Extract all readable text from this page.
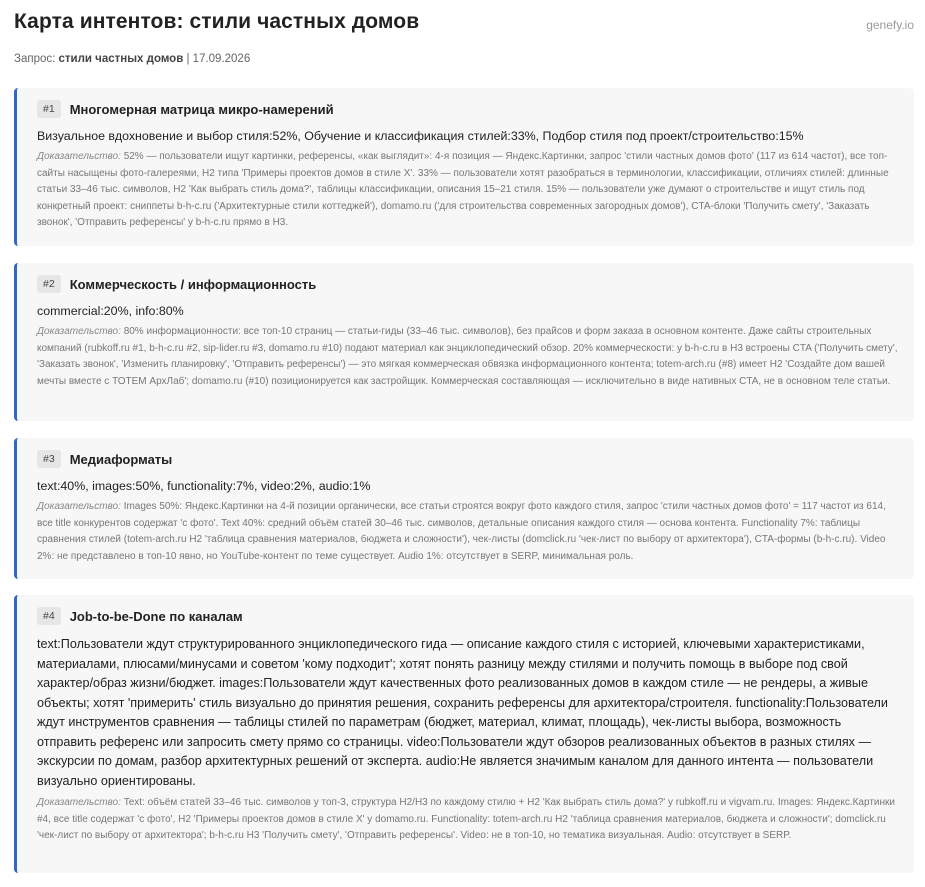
Карта интентов: стили частных домов	genefy.io
Запрос: стили частных домов | 17.09.2026
#1	Многомерная матрица микро-намерений
Визуальное вдохновение и выбор стиля:52%, Обучение и классификация стилей:33%, Подбор стиля под проект/строительство:15%
Доказательство: 52% — пользователи ищут картинки, референсы, «как выглядит»: 4-я позиция — Яндекс.Картинки, запрос 'стили частных домов фото' (117 из 614 частот), все топ-сайты насыщены фото-галереями, H2 типа 'Примеры проектов домов в стиле X'. 33% — пользователи хотят разобраться в терминологии, классификации, отличиях стилей: длинные статьи 33–46 тыс. символов, H2 'Как выбрать стиль дома?', таблицы классификации, описания 15–21 стиля. 15% — пользователи уже думают о строительстве и ищут стиль под конкретный проект: сниппеты b-h-c.ru ('Архитектурные стили коттеджей'), domamo.ru ('для строительства современных загородных домов'), CTA-блоки 'Получить смету', 'Заказать звонок', 'Отправить референсы' у b-h-c.ru прямо в H3.
#2	Коммерческость / информационность
commercial:20%, info:80%
Доказательство: 80% информационности: все топ-10 страниц — статьи-гиды (33–46 тыс. символов), без прайсов и форм заказа в основном контенте. Даже сайты строительных компаний (rubkoff.ru #1, b-h-c.ru #2, sip-lider.ru #3, domamo.ru #10) подают материал как энциклопедический обзор. 20% коммерческости: у b-h-c.ru в H3 встроены CTA ('Получить смету', 'Заказать звонок', 'Изменить планировку', 'Отправить референсы') — это мягкая коммерческая обвязка информационного контента; totem-arch.ru (#8) имеет H2 'Создайте дом вашей мечты вместе с ТОТЕМ АрхЛаб'; domamo.ru (#10) позиционируется как застройщик. Коммерческая составляющая — исключительно в виде нативных CTA, не в основном теле статьи.
#3	Медиаформаты
text:40%, images:50%, functionality:7%, video:2%, audio:1%
Доказательство: Images 50%: Яндекс.Картинки на 4-й позиции органически, все статьи строятся вокруг фото каждого стиля, запрос 'стили частных домов фото' = 117 частот из 614, все title конкурентов содержат 'с фото'. Text 40%: средний объём статей 30–46 тыс. символов, детальные описания каждого стиля — основа контента. Functionality 7%: таблицы сравнения стилей (totem-arch.ru H2 'таблица сравнения материалов, бюджета и сложности'), чек-листы (domclick.ru 'чек-лист по выбору от архитектора'), CTA-формы (b-h-c.ru). Video 2%: не представлено в топ-10 явно, но YouTube-контент по теме существует. Audio 1%: отсутствует в SERP, минимальная роль.
#4	Job-to-be-Done по каналам
text:Пользователи ждут структурированного энциклопедического гида — описание каждого стиля с историей, ключевыми характеристиками, материалами, плюсами/минусами и советом 'кому подходит'; хотят понять разницу между стилями и получить помощь в выборе под свой характер/образ жизни/бюджет. images:Пользователи ждут качественных фото реализованных домов в каждом стиле — не рендеры, а живые объекты; хотят 'примерить' стиль визуально до принятия решения, сохранить референсы для архитектора/строителя. functionality:Пользователи ждут инструментов сравнения — таблицы стилей по параметрам (бюджет, материал, климат, площадь), чек-листы выбора, возможность отправить референс или запросить смету прямо со страницы. video:Пользователи ждут обзоров реализованных объектов в разных стилях — экскурсии по домам, разбор архитектурных решений от эксперта. audio:Не является значимым каналом для данного интента — пользователи визуально ориентированы.
Доказательство: Text: объём статей 33–46 тыс. символов у топ-3, структура H2/H3 по каждому стилю + H2 'Как выбрать стиль дома?' у rubkoff.ru и vigvam.ru. Images: Яндекс.Картинки #4, все title содержат 'с фото', H2 'Примеры проектов домов в стиле X' у domamo.ru. Functionality: totem-arch.ru H2 'таблица сравнения материалов, бюджета и сложности'; domclick.ru 'чек-лист по выбору от архитектора'; b-h-c.ru H3 'Получить смету', 'Отправить референсы'. Video: не в топ-10, но тематика визуальная. Audio: отсутствует в SERP.
